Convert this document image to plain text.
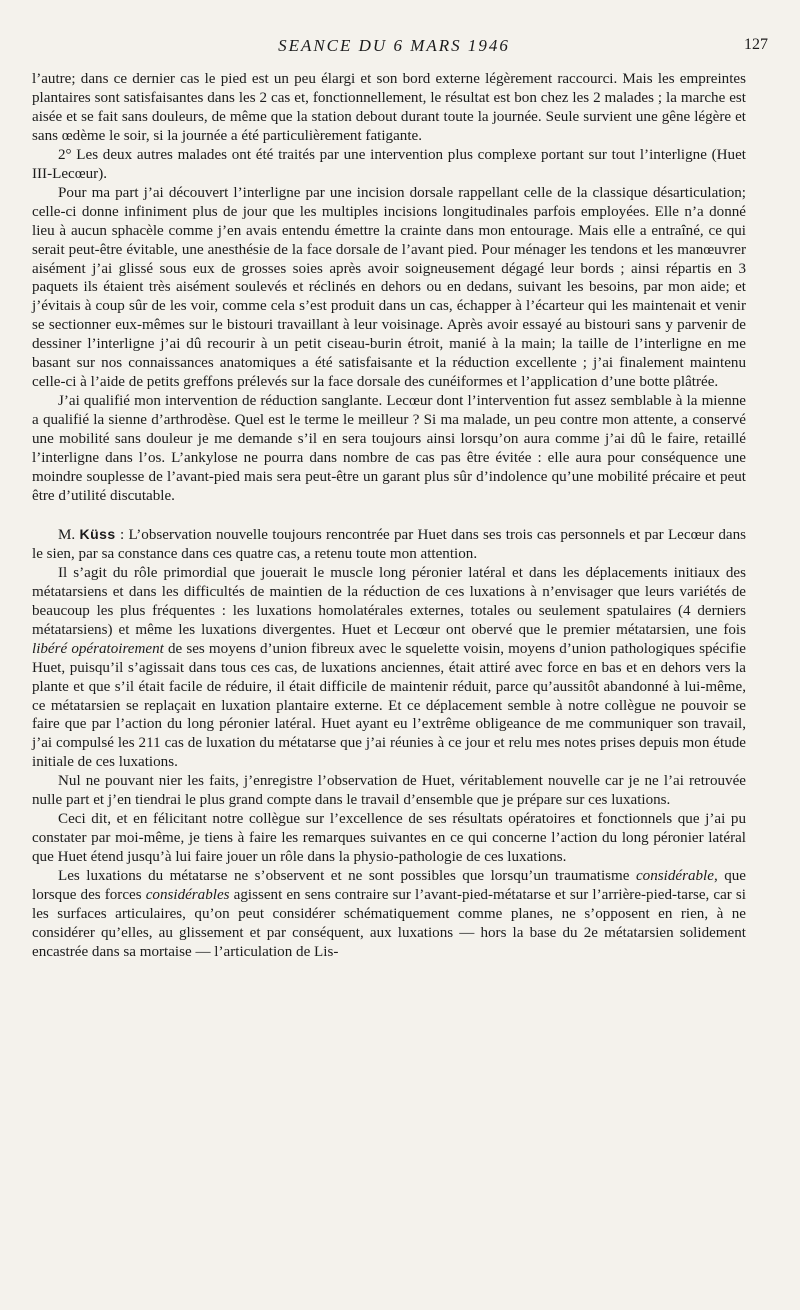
SEANCE DU 6 MARS 1946	127

l’autre; dans ce dernier cas le pied est un peu élargi et son bord externe légèrement raccourci. Mais les empreintes plantaires sont satisfaisantes dans les 2 cas et, fonctionnellement, le résultat est bon chez les 2 malades ; la marche est aisée et se fait sans douleurs, de même que la station debout durant toute la journée. Seule survient une gêne légère et sans œdème le soir, si la journée a été particulièrement fatigante.

2° Les deux autres malades ont été traités par une intervention plus complexe portant sur tout l’interligne (Huet III-Lecœur).

Pour ma part j’ai découvert l’interligne par une incision dorsale rappellant celle de la classique désarticulation; celle-ci donne infiniment plus de jour que les multiples incisions longitudinales parfois employées. Elle n’a donné lieu à aucun sphacèle comme j’en avais entendu émettre la crainte dans mon entourage. Mais elle a entraîné, ce qui serait peut-être évitable, une anesthésie de la face dorsale de l’avant pied. Pour ménager les tendons et les manœuvrer aisément j’ai glissé sous eux de grosses soies après avoir soigneusement dégagé leur bords ; ainsi répartis en 3 paquets ils étaient très aisément soulevés et réclinés en dehors ou en dedans, suivant les besoins, par mon aide; et j’évitais à coup sûr de les voir, comme cela s’est produit dans un cas, échapper à l’écarteur qui les maintenait et venir se sectionner eux-mêmes sur le bistouri travaillant à leur voisinage. Après avoir essayé au bistouri sans y parvenir de dessiner l’interligne j’ai dû recourir à un petit ciseau-burin étroit, manié à la main; la taille de l’interligne en me basant sur nos connaissances anatomiques a été satisfaisante et la réduction excellente ; j’ai finalement maintenu celle-ci à l’aide de petits greffons prélevés sur la face dorsale des cunéiformes et l’application d’une botte plâtrée.

J’ai qualifié mon intervention de réduction sanglante. Lecœur dont l’intervention fut assez semblable à la mienne a qualifié la sienne d’arthrodèse. Quel est le terme le meilleur ? Si ma malade, un peu contre mon attente, a conservé une mobilité sans douleur je me demande s’il en sera toujours ainsi lorsqu’on aura comme j’ai dû le faire, retaillé l’interligne dans l’os. L’ankylose ne pourra dans nombre de cas pas être évitée : elle aura pour conséquence une moindre souplesse de l’avant-pied mais sera peut-être un garant plus sûr d’indolence qu’une mobilité précaire et peut être d’utilité discutable.

M. Küss : L’observation nouvelle toujours rencontrée par Huet dans ses trois cas personnels et par Lecœur dans le sien, par sa constance dans ces quatre cas, a retenu toute mon attention.

Il s’agit du rôle primordial que jouerait le muscle long péronier latéral et dans les déplacements initiaux des métatarsiens et dans les difficultés de maintien de la réduction de ces luxations à n’envisager que leurs variétés de beaucoup les plus fréquentes : les luxations homolatérales externes, totales ou seulement spatulaires (4 derniers métatarsiens) et même les luxations divergentes. Huet et Lecœur ont obervé que le premier métatarsien, une fois libéré opératoirement de ses moyens d’union fibreux avec le squelette voisin, moyens d’union pathologiques spécifie Huet, puisqu’il s’agissait dans tous ces cas, de luxations anciennes, était attiré avec force en bas et en dehors vers la plante et que s’il était facile de réduire, il était difficile de maintenir réduit, parce qu’aussitôt abandonné à lui-même, ce métatarsien se replaçait en luxation plantaire externe. Et ce déplacement semble à notre collègue ne pouvoir se faire que par l’action du long péronier latéral. Huet ayant eu l’extrême obligeance de me communiquer son travail, j’ai compulsé les 211 cas de luxation du métatarse que j’ai réunies à ce jour et relu mes notes prises depuis mon étude initiale de ces luxations.

Nul ne pouvant nier les faits, j’enregistre l’observation de Huet, véritablement nouvelle car je ne l’ai retrouvée nulle part et j’en tiendrai le plus grand compte dans le travail d’ensemble que je prépare sur ces luxations.

Ceci dit, et en félicitant notre collègue sur l’excellence de ses résultats opératoires et fonctionnels que j’ai pu constater par moi-même, je tiens à faire les remarques suivantes en ce qui concerne l’action du long péronier latéral que Huet étend jusqu’à lui faire jouer un rôle dans la physio-pathologie de ces luxations.

Les luxations du métatarse ne s’observent et ne sont possibles que lorsqu’un traumatisme considérable, que lorsque des forces considérables agissent en sens contraire sur l’avant-pied-métatarse et sur l’arrière-pied-tarse, car si les surfaces articulaires, qu’on peut considérer schématiquement comme planes, ne s’opposent en rien, à ne considérer qu’elles, au glissement et par conséquent, aux luxations — hors la base du 2e métatarsien solidement encastrée dans sa mortaise — l’articulation de Lis-
